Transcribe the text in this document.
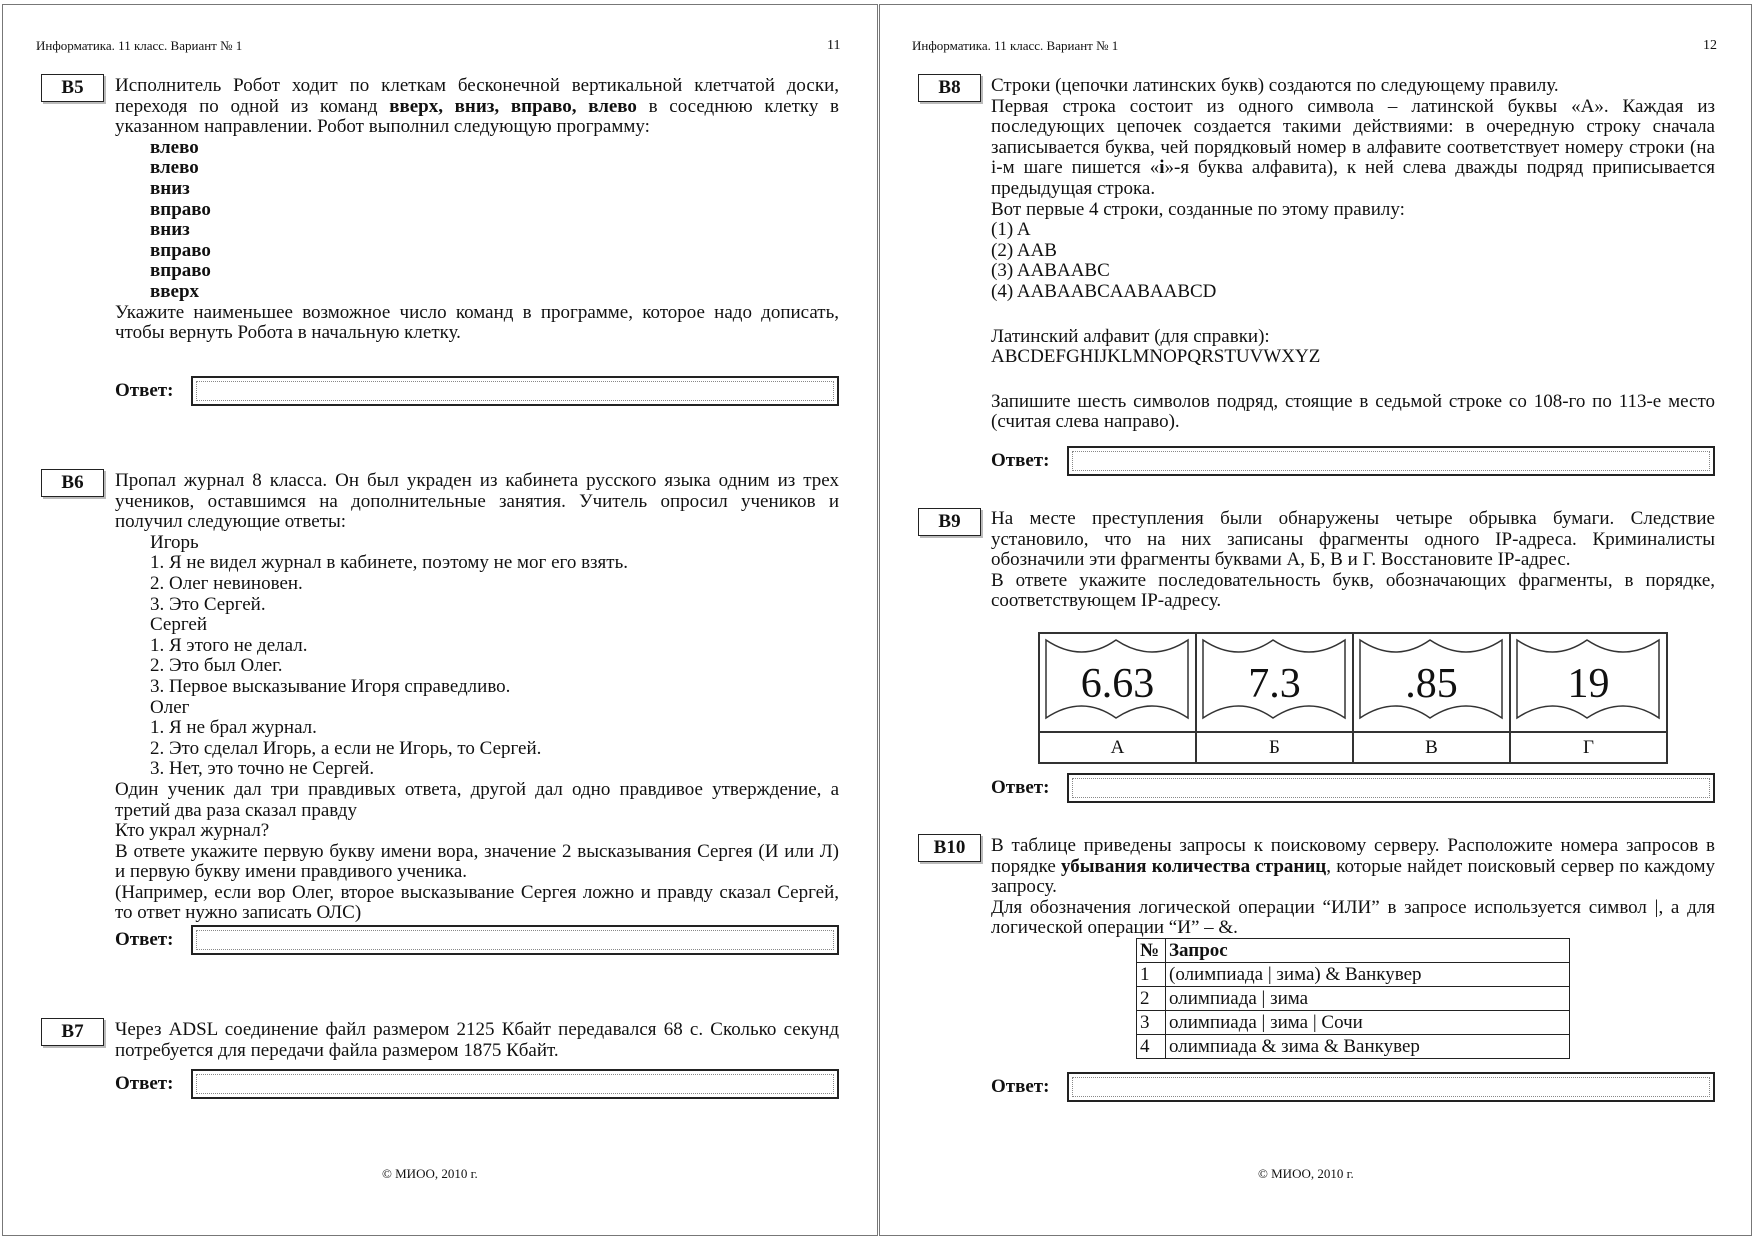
Информатика. 11 класс. Вариант № 1	11
B5	Исполнитель Робот ходит по клеткам бесконечной вертикальной клетчатой доски, переходя по одной из команд вверх, вниз, вправо, влево в соседнюю клетку в указанном направлении. Робот выполнил следующую программу:

влево
влево
вниз
вправо
вниз
вправо
вправо
вверх

Укажите наименьшее возможное число команд в программе, которое надо дописать, чтобы вернуть Робота в начальную клетку.

Ответ:
B6	Пропал журнал 8 класса. Он был украден из кабинета русского языка одним из трех учеников, оставшимся на дополнительные занятия. Учитель опросил учеников и получил следующие ответы:

Игорь
1. Я не видел журнал в кабинете, поэтому не мог его взять.
2. Олег невиновен.
3. Это Сергей.
Сергей
1. Я этого не делал.
2. Это был Олег.
3. Первое высказывание Игоря справедливо.
Олег
1. Я не брал журнал.
2. Это сделал Игорь, а если не Игорь, то Сергей.
3. Нет, это точно не Сергей.

Один ученик дал три правдивых ответа, другой дал одно правдивое утверждение, а третий два раза сказал правду

Кто украл журнал?

В ответе укажите первую букву имени вора, значение 2 высказывания Сергея (И или Л) и первую букву имени правдивого ученика.

(Например, если вор Олег, второе высказывание Сергея ложно и правду сказал Сергей, то ответ нужно записать ОЛС)

Ответ:
B7	Через ADSL соединение файл размером 2125 Кбайт передавался 68 с. Сколько секунд потребуется для передачи файла размером 1875 Кбайт.

Ответ:
© МИОО, 2010 г.
Информатика. 11 класс. Вариант № 1	12
B8	Строки (цепочки латинских букв) создаются по следующему правилу.

Первая строка состоит из одного символа – латинской буквы «А». Каждая из последующих цепочек создается такими действиями: в очередную строку сначала записывается буква, чей порядковый номер в алфавите соответствует номеру строки (на i-м шаге пишется «i»-я буква алфавита), к ней слева дважды подряд приписывается предыдущая строка.

Вот первые 4 строки, созданные по этому правилу:

(1) A

(2) AAB

(3) AABAABC

(4) AABAABCAABAABCD

Латинский алфавит (для справки):

ABCDEFGHIJKLMNOPQRSTUVWXYZ

Запишите шесть символов подряд, стоящие в седьмой строке со 108-го по 113-е место (считая слева направо).

Ответ:
B9	На месте преступления были обнаружены четыре обрывка бумаги. Следствие установило, что на них записаны фрагменты одного IP-адреса. Криминалисты обозначили эти фрагменты буквами А, Б, В и Г. Восстановите IP-адрес.

В ответе укажите последовательность букв, обозначающих фрагменты, в порядке, соответствующем IP-адресу.

6.63	7.3	.85	19

А	Б	В	Г
Ответ:
B10	В таблице приведены запросы к поисковому серверу. Расположите номера запросов в порядке убывания количества страниц, которые найдет поисковый сервер по каждому запросу.

Для обозначения логической операции “ИЛИ” в запросе используется символ |, а для логической операции “И” – &.

№	Запрос
1	(олимпиада | зима) & Ванкувер
2	олимпиада | зима
3	олимпиада | зима | Сочи
4	олимпиада & зима & Ванкувер
Ответ:
© МИОО, 2010 г.
